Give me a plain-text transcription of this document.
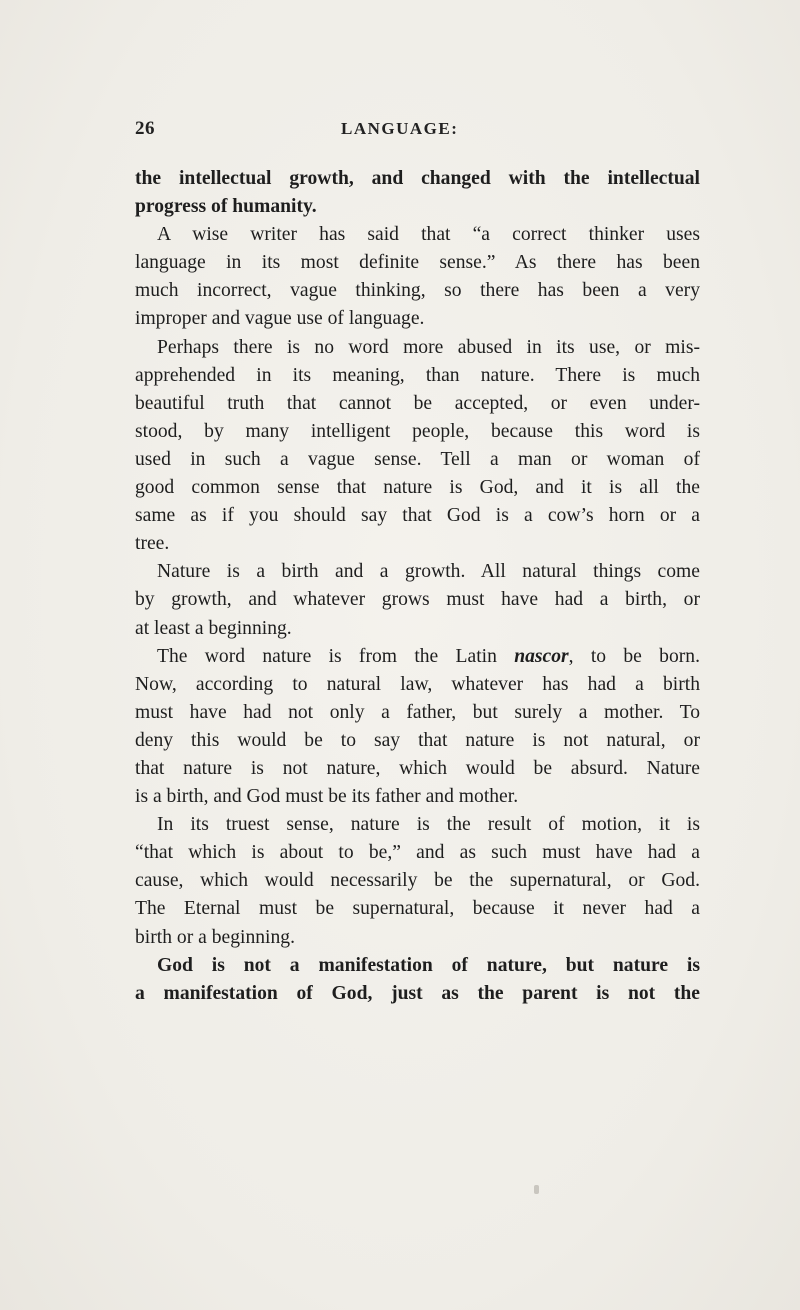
26	LANGUAGE:
the intellectual growth, and changed with the intellectual
progress of humanity.
A wise writer has said that “a correct thinker uses
language in its most definite sense.” As there has been
much incorrect, vague thinking, so there has been a very
improper and vague use of language.
Perhaps there is no word more abused in its use, or mis-
apprehended in its meaning, than nature. There is much
beautiful truth that cannot be accepted, or even under-
stood, by many intelligent people, because this word is
used in such a vague sense. Tell a man or woman of
good common sense that nature is God, and it is all the
same as if you should say that God is a cow’s horn or a
tree.
Nature is a birth and a growth. All natural things come
by growth, and whatever grows must have had a birth, or
at least a beginning.
The word nature is from the Latin nascor, to be born.
Now, according to natural law, whatever has had a birth
must have had not only a father, but surely a mother. To
deny this would be to say that nature is not natural, or
that nature is not nature, which would be absurd. Nature
is a birth, and God must be its father and mother.
In its truest sense, nature is the result of motion, it is
“that which is about to be,” and as such must have had a
cause, which would necessarily be the supernatural, or God.
The Eternal must be supernatural, because it never had a
birth or a beginning.
God is not a manifestation of nature, but nature is
a manifestation of God, just as the parent is not the
